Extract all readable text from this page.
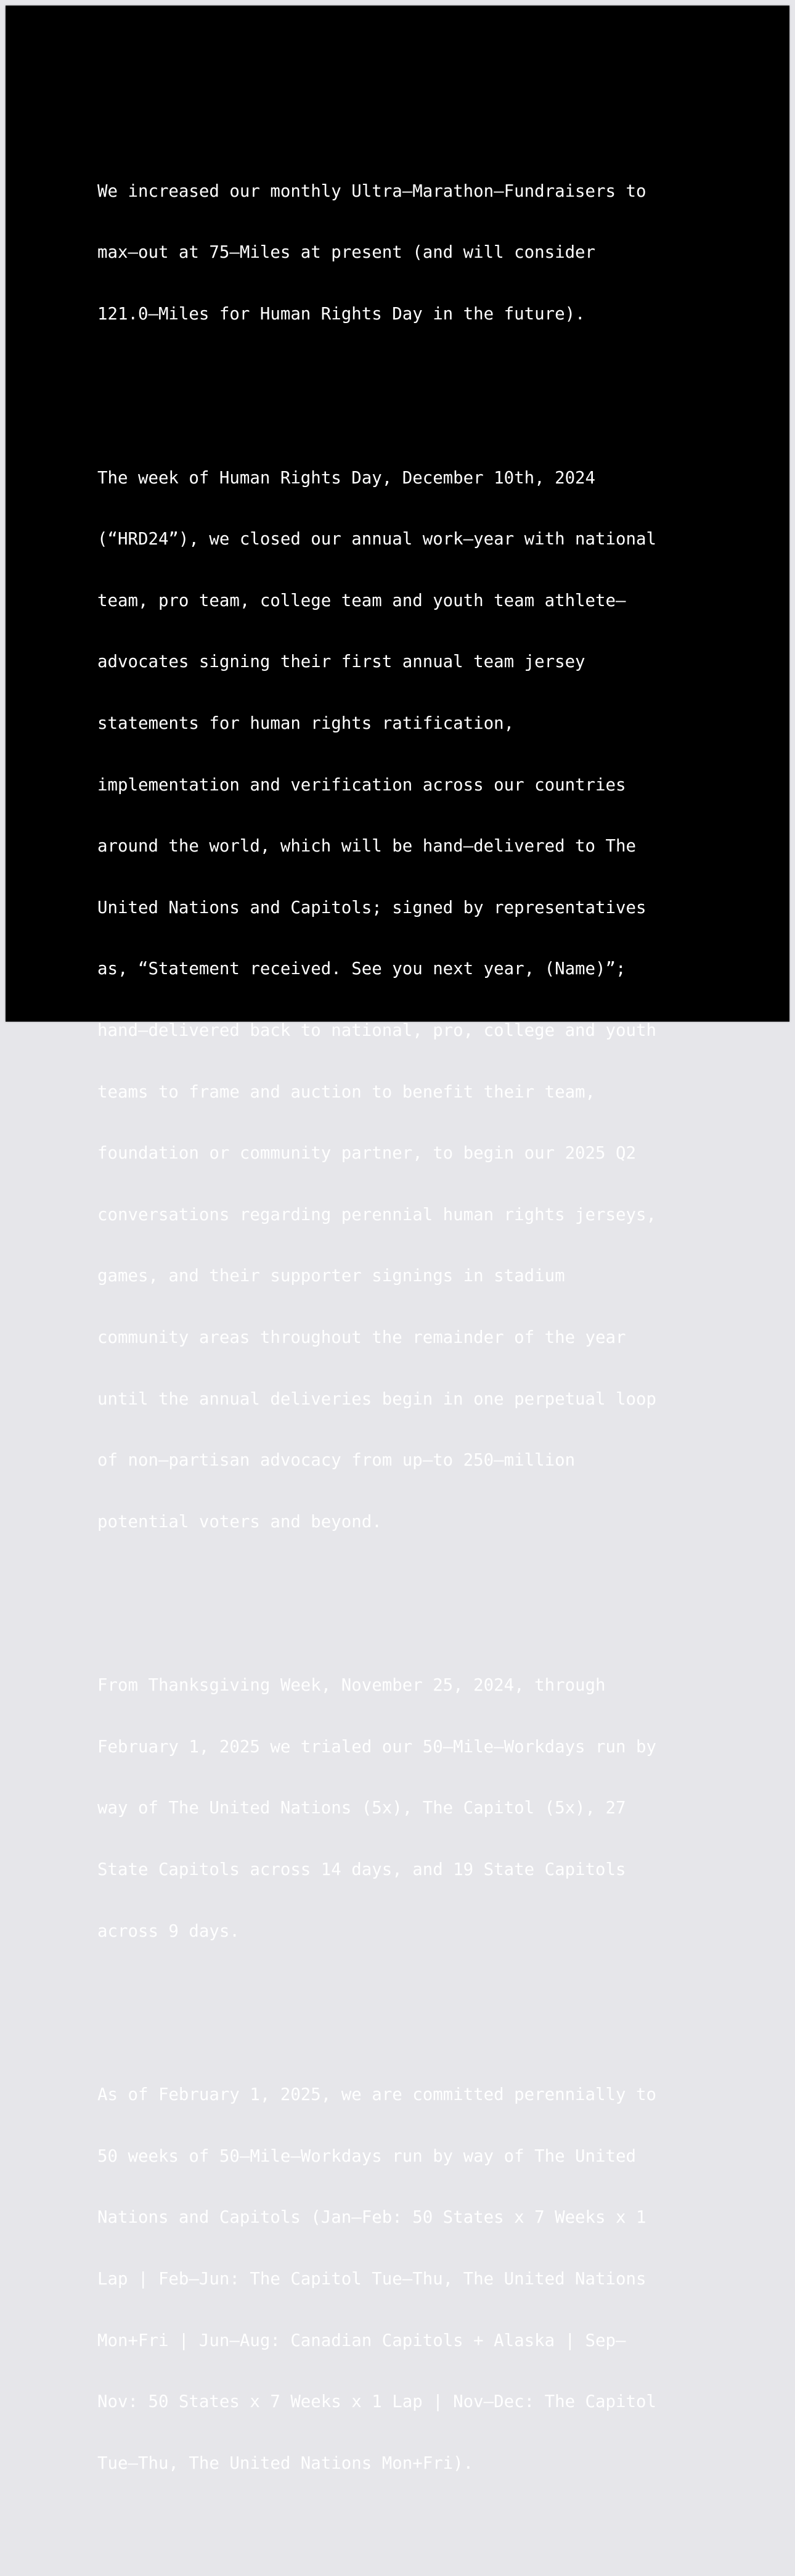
We increased our monthly Ultra–Marathon–Fundraisers to

max–out at 75–Miles at present (and will consider

121.0–Miles for Human Rights Day in the future).

The week of Human Rights Day, December 10th, 2024

(“HRD24”), we closed our annual work–year with national

team, pro team, college team and youth team athlete–

advocates signing their first annual team jersey

statements for human rights ratification,

implementation and verification across our countries

around the world, which will be hand–delivered to The

United Nations and Capitols; signed by representatives

as, “Statement received. See you next year, (Name)”;

hand–delivered back to national, pro, college and youth

teams to frame and auction to benefit their team,

foundation or community partner, to begin our 2025 Q2

conversations regarding perennial human rights jerseys,

games, and their supporter signings in stadium

community areas throughout the remainder of the year

until the annual deliveries begin in one perpetual loop

of non–partisan advocacy from up–to 250–million

potential voters and beyond.

From Thanksgiving Week, November 25, 2024, through

February 1, 2025 we trialed our 50–Mile–Workdays run by

way of The United Nations (5x), The Capitol (5x), 27

State Capitols across 14 days, and 19 State Capitols

across 9 days.

As of February 1, 2025, we are committed perennially to

50 weeks of 50–Mile–Workdays run by way of The United

Nations and Capitols (Jan–Feb: 50 States x 7 Weeks x 1

Lap | Feb–Jun: The Capitol Tue–Thu, The United Nations

Mon+Fri | Jun–Aug: Canadian Capitols + Alaska | Sep–

Nov: 50 States x 7 Weeks x 1 Lap | Nov–Dec: The Capitol

Tue–Thu, The United Nations Mon+Fri).
